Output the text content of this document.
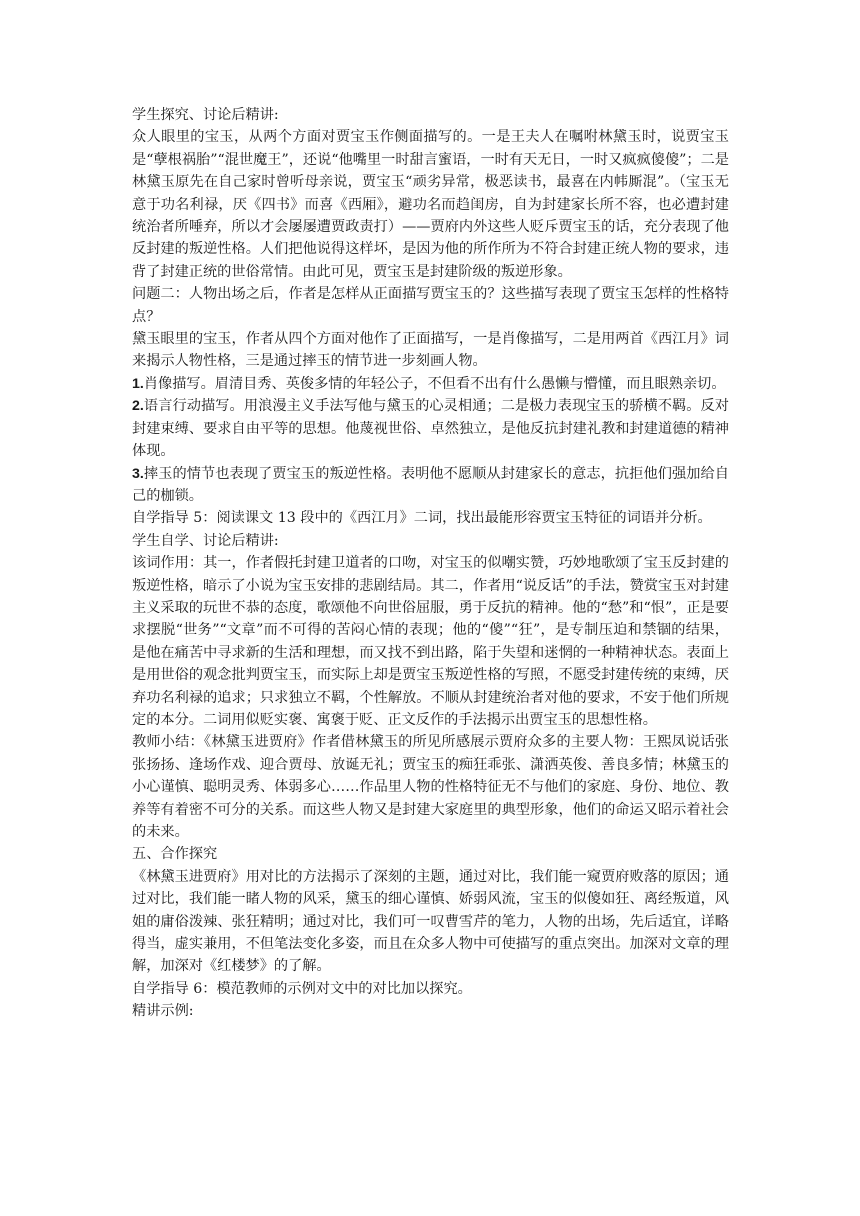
学生探究、讨论后精讲:

众人眼里的宝玉，从两个方面对贾宝玉作侧面描写的。一是王夫人在嘱咐林黛玉时，说贾宝玉是“孽根祸胎”“混世魔王”，还说“他嘴里一时甜言蜜语，一时有天无日，一时又疯疯傻傻”；二是林黛玉原先在自己家时曾听母亲说，贾宝玉“顽劣异常，极恶读书，最喜在内帏厮混”。（宝玉无意于功名利禄，厌《四书》而喜《西厢》，避功名而趋闺房，自为封建家长所不容，也必遭封建统治者所唾弃，所以才会屡屡遭贾政责打）——贾府内外这些人贬斥贾宝玉的话，充分表现了他反封建的叛逆性格。人们把他说得这样坏，是因为他的所作所为不符合封建正统人物的要求，违背了封建正统的世俗常情。由此可见，贾宝玉是封建阶级的叛逆形象。

问题二：人物出场之后，作者是怎样从正面描写贾宝玉的？这些描写表现了贾宝玉怎样的性格特点？

黛玉眼里的宝玉，作者从四个方面对他作了正面描写，一是肖像描写，二是用两首《西江月》词来揭示人物性格，三是通过摔玉的情节进一步刻画人物。

1.肖像描写。眉清目秀、英俊多情的年轻公子，不但看不出有什么愚懒与懵懂，而且眼熟亲切。

2.语言行动描写。用浪漫主义手法写他与黛玉的心灵相通；二是极力表现宝玉的骄横不羁。反对封建束缚、要求自由平等的思想。他蔑视世俗、卓然独立，是他反抗封建礼教和封建道德的精神体现。

3.摔玉的情节也表现了贾宝玉的叛逆性格。表明他不愿顺从封建家长的意志，抗拒他们强加给自己的枷锁。

自学指导 5：阅读课文 13 段中的《西江月》二词，找出最能形容贾宝玉特征的词语并分析。

学生自学、讨论后精讲:

该词作用：其一，作者假托封建卫道者的口吻，对宝玉的似嘲实赞，巧妙地歌颂了宝玉反封建的叛逆性格，暗示了小说为宝玉安排的悲剧结局。其二，作者用“说反话”的手法，赞赏宝玉对封建主义采取的玩世不恭的态度，歌颂他不向世俗屈服，勇于反抗的精神。他的“愁”和“恨”，正是要求摆脱“世务”“文章”而不可得的苦闷心情的表现；他的“傻”“狂”，是专制压迫和禁锢的结果，是他在痛苦中寻求新的生活和理想，而又找不到出路，陷于失望和迷惘的一种精神状态。表面上是用世俗的观念批判贾宝玉，而实际上却是贾宝玉叛逆性格的写照，不愿受封建传统的束缚，厌弃功名利禄的追求；只求独立不羁，个性解放。不顺从封建统治者对他的要求，不安于他们所规定的本分。二词用似贬实褒、寓褒于贬、正文反作的手法揭示出贾宝玉的思想性格。

教师小结：《林黛玉进贾府》作者借林黛玉的所见所感展示贾府众多的主要人物：王熙凤说话张张扬扬、逢场作戏、迎合贾母、放诞无礼；贾宝玉的痴狂乖张、潇洒英俊、善良多情；林黛玉的小心谨慎、聪明灵秀、体弱多心……作品里人物的性格特征无不与他们的家庭、身份、地位、教养等有着密不可分的关系。而这些人物又是封建大家庭里的典型形象，他们的命运又昭示着社会的未来。

五、合作探究

《林黛玉进贾府》用对比的方法揭示了深刻的主题，通过对比，我们能一窥贾府败落的原因；通过对比，我们能一睹人物的风采，黛玉的细心谨慎、娇弱风流，宝玉的似傻如狂、离经叛道，风姐的庸俗泼辣、张狂精明；通过对比，我们可一叹曹雪芹的笔力，人物的出场，先后适宜，详略得当，虚实兼用，不但笔法变化多姿，而且在众多人物中可使描写的重点突出。加深对文章的理解，加深对《红楼梦》的了解。

自学指导 6：模范教师的示例对文中的对比加以探究。

精讲示例:
